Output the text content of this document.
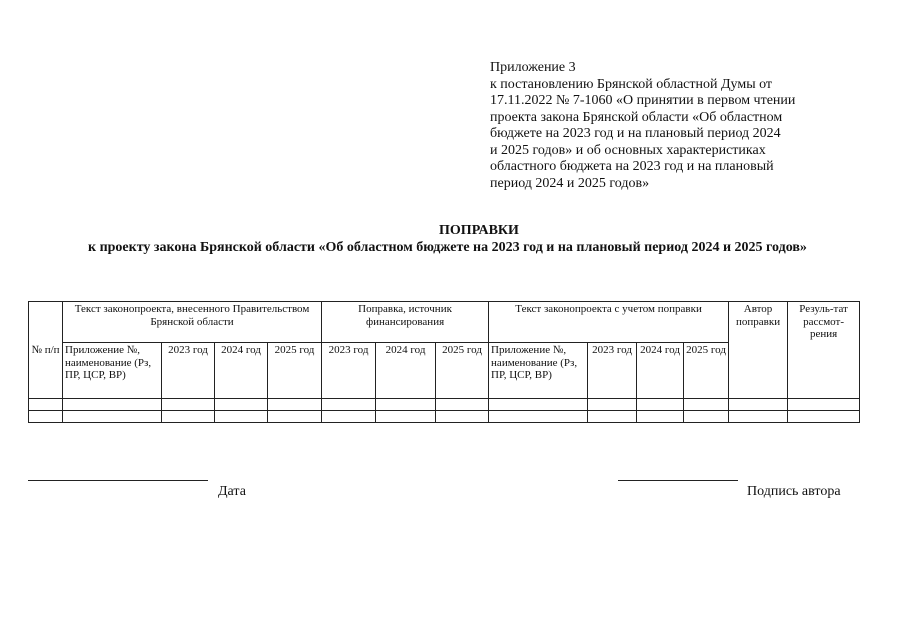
Приложение 3
к постановлению Брянской областной Думы от
17.11.2022 № 7-1060 «О принятии в первом чтении
проекта закона Брянской области «Об областном
бюджете на 2023 год и на плановый период 2024
и 2025 годов» и об основных характеристиках
областного бюджета на 2023 год и на плановый
период 2024 и 2025 годов»
ПОПРАВКИ
к проекту закона Брянской области «Об областном бюджете на 2023 год и на плановый период 2024 и 2025 годов»
№ п/п	Текст законопроекта, внесенного Правительством Брянской области				Поправка, источник финансирования			Текст законопроекта с учетом поправки				Автор поправки	Резуль-тат рассмот-рения
	Приложение №, наименование (Рз, ПР, ЦСР, ВР)	2023 год	2024 год	2025 год	2023 год	2024 год	2025 год	Приложение №, наименование (Рз, ПР, ЦСР, ВР)	2023 год	2024 год	2025 год		

Дата	Подпись автора
